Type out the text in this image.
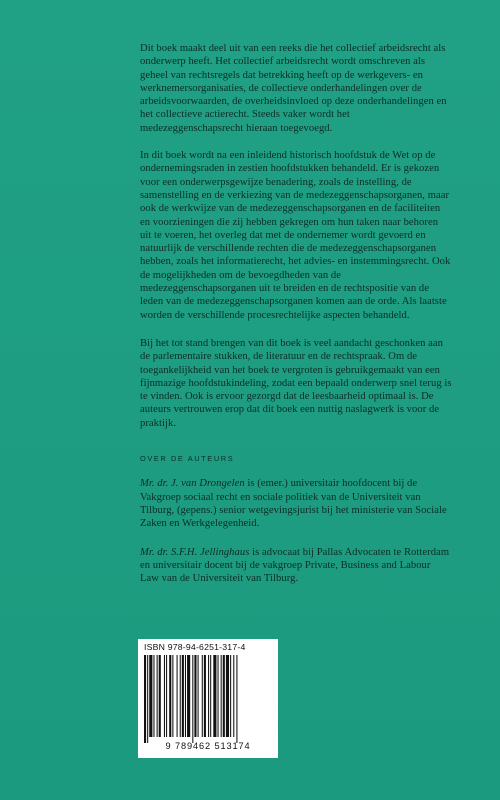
Dit boek maakt deel uit van een reeks die het collectief arbeidsrecht als onderwerp heeft. Het collectief arbeidsrecht wordt omschreven als geheel van rechtsregels dat betrekking heeft op de werkgevers- en werknemersorganisaties, de collectieve onderhandelingen over de arbeidsvoorwaarden, de overheidsinvloed op deze onderhandelingen en het collectieve actierecht. Steeds vaker wordt het medezeggenschapsrecht hieraan toegevoegd.

In dit boek wordt na een inleidend historisch hoofdstuk de Wet op de ondernemingsraden in zestien hoofdstukken behandeld. Er is gekozen voor een onderwerpsgewijze benadering, zoals de instelling, de samenstelling en de verkiezing van de medezeggenschapsorganen, maar ook de werkwijze van de medezeggenschapsorganen en de faciliteiten en voorzieningen die zij hebben gekregen om hun taken naar behoren uit te voeren, het overleg dat met de ondernemer wordt gevoerd en natuurlijk de verschillende rechten die de medezeggenschapsorganen hebben, zoals het informatierecht, het advies- en instemmingsrecht. Ook de mogelijkheden om de bevoegdheden van de medezeggenschapsorganen uit te breiden en de rechtspositie van de leden van de medezeggenschapsorganen komen aan de orde. Als laatste worden de verschillende procesrechtelijke aspecten behandeld.

Bij het tot stand brengen van dit boek is veel aandacht geschonken aan de parlementaire stukken, de literatuur en de rechtspraak. Om de toegankelijkheid van het boek te vergroten is gebruikgemaakt van een fijnmazige hoofdstukindeling, zodat een bepaald onderwerp snel terug is te vinden. Ook is ervoor gezorgd dat de leesbaarheid optimaal is. De auteurs vertrouwen erop dat dit boek een nuttig naslagwerk is voor de praktijk.

OVER DE AUTEURS

Mr. dr. J. van Drongelen is (emer.) universitair hoofdocent bij de Vakgroep sociaal recht en sociale politiek van de Universiteit van Tilburg, (gepens.) senior wetgevingsjurist bij het ministerie van Sociale Zaken en Werkgelegenheid.

Mr. dr. S.F.H. Jellinghaus is advocaat bij Pallas Advocaten te Rotterdam en universitair docent bij de vakgroep Private, Business and Labour Law van de Universiteit van Tilburg.

ISBN 978-94-6251-317-4
9 789462 513174
